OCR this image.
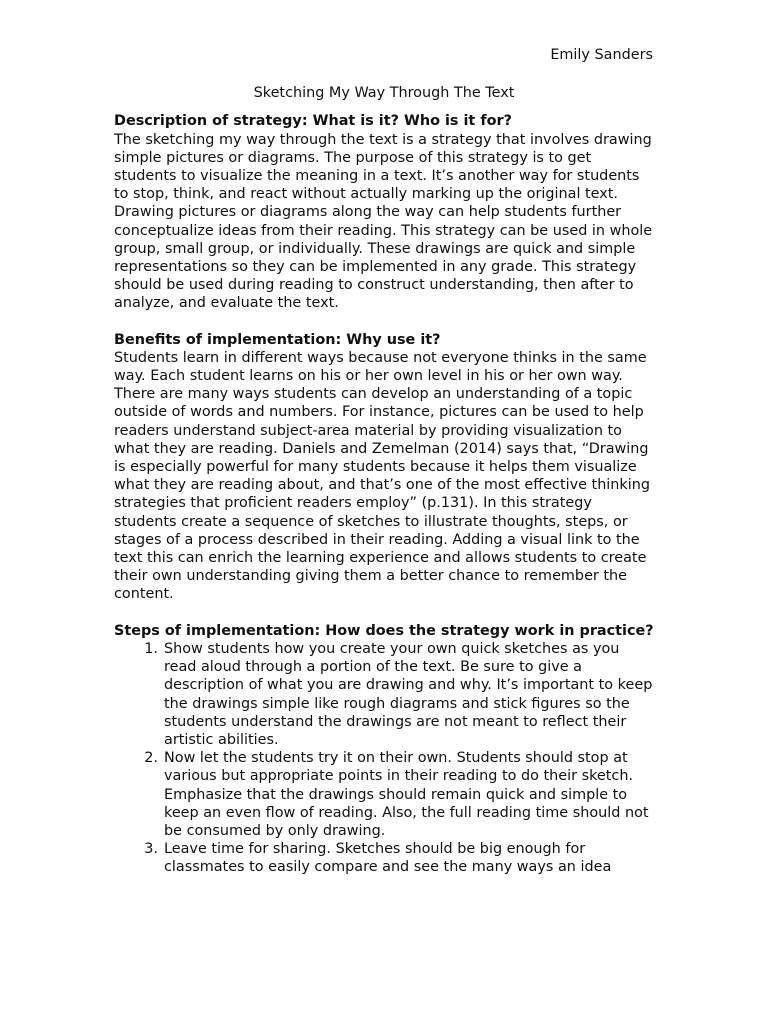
Emily Sanders

Sketching My Way Through The Text

Description of strategy: What is it? Who is it for?

The sketching my way through the text is a strategy that involves drawing simple pictures or diagrams. The purpose of this strategy is to get students to visualize the meaning in a text. It’s another way for students to stop, think, and react without actually marking up the original text. Drawing pictures or diagrams along the way can help students further conceptualize ideas from their reading. This strategy can be used in whole group, small group, or individually. These drawings are quick and simple representations so they can be implemented in any grade. This strategy should be used during reading to construct understanding, then after to analyze, and evaluate the text.

Benefits of implementation: Why use it?

Students learn in different ways because not everyone thinks in the same way. Each student learns on his or her own level in his or her own way. There are many ways students can develop an understanding of a topic outside of words and numbers. For instance, pictures can be used to help readers understand subject-area material by providing visualization to what they are reading. Daniels and Zemelman (2014) says that, “Drawing is especially powerful for many students because it helps them visualize what they are reading about, and that’s one of the most effective thinking strategies that proficient readers employ” (p.131). In this strategy students create a sequence of sketches to illustrate thoughts, steps, or stages of a process described in their reading. Adding a visual link to the text this can enrich the learning experience and allows students to create their own understanding giving them a better chance to remember the content.

Steps of implementation: How does the strategy work in practice?

1. Show students how you create your own quick sketches as you read aloud through a portion of the text. Be sure to give a description of what you are drawing and why. It’s important to keep the drawings simple like rough diagrams and stick figures so the students understand the drawings are not meant to reflect their artistic abilities.
2. Now let the students try it on their own. Students should stop at various but appropriate points in their reading to do their sketch. Emphasize that the drawings should remain quick and simple to keep an even flow of reading. Also, the full reading time should not be consumed by only drawing.
3. Leave time for sharing. Sketches should be big enough for classmates to easily compare and see the many ways an idea
